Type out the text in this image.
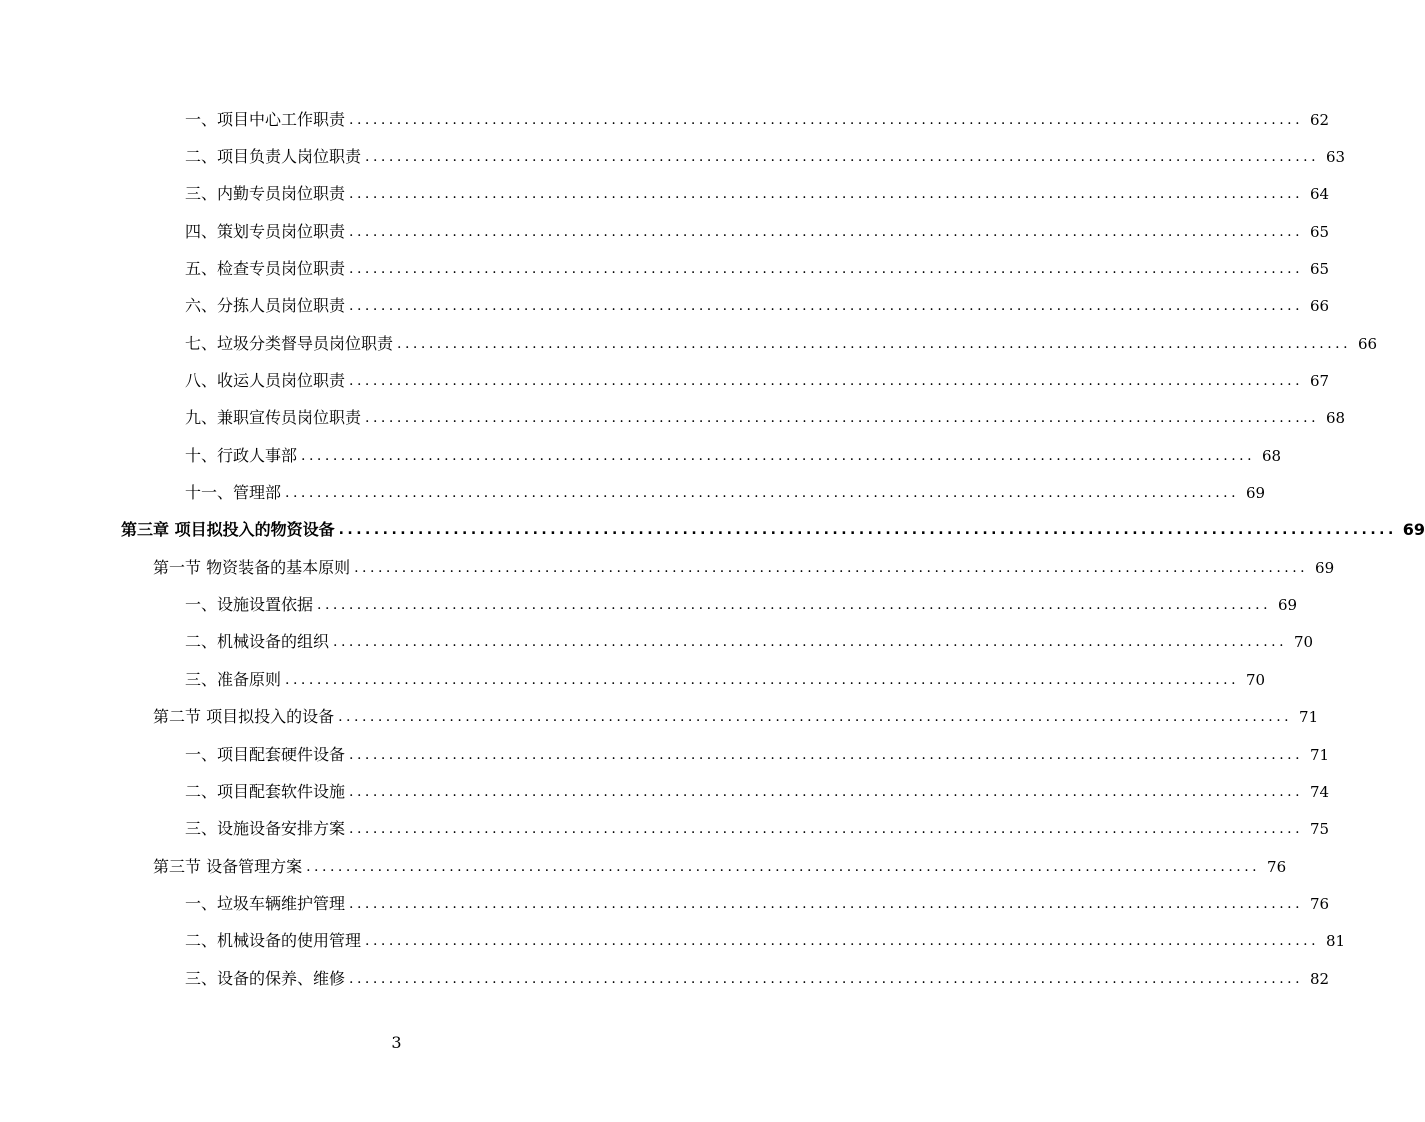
一、项目中心工作职责 ........................................................................................................................ 62
二、项目负责人岗位职责 ........................................................................................................................ 63
三、内勤专员岗位职责 ........................................................................................................................ 64
四、策划专员岗位职责 ........................................................................................................................ 65
五、检查专员岗位职责 ........................................................................................................................ 65
六、分拣人员岗位职责 ........................................................................................................................ 66
七、垃圾分类督导员岗位职责 ........................................................................................................................ 66
八、收运人员岗位职责 ........................................................................................................................ 67
九、兼职宣传员岗位职责 ........................................................................................................................ 68
十、行政人事部 ........................................................................................................................ 68
十一、管理部 ........................................................................................................................ 69
第三章 项目拟投入的物资设备 ........................................................................................................................ 69
第一节 物资装备的基本原则 ........................................................................................................................ 69
一、设施设置依据 ........................................................................................................................ 69
二、机械设备的组织 ........................................................................................................................ 70
三、准备原则 ........................................................................................................................ 70
第二节 项目拟投入的设备 ........................................................................................................................ 71
一、项目配套硬件设备 ........................................................................................................................ 71
二、项目配套软件设施 ........................................................................................................................ 74
三、设施设备安排方案 ........................................................................................................................ 75
第三节 设备管理方案 ........................................................................................................................ 76
一、垃圾车辆维护管理 ........................................................................................................................ 76
二、机械设备的使用管理 ........................................................................................................................ 81
三、设备的保养、维修 ........................................................................................................................ 82
3
